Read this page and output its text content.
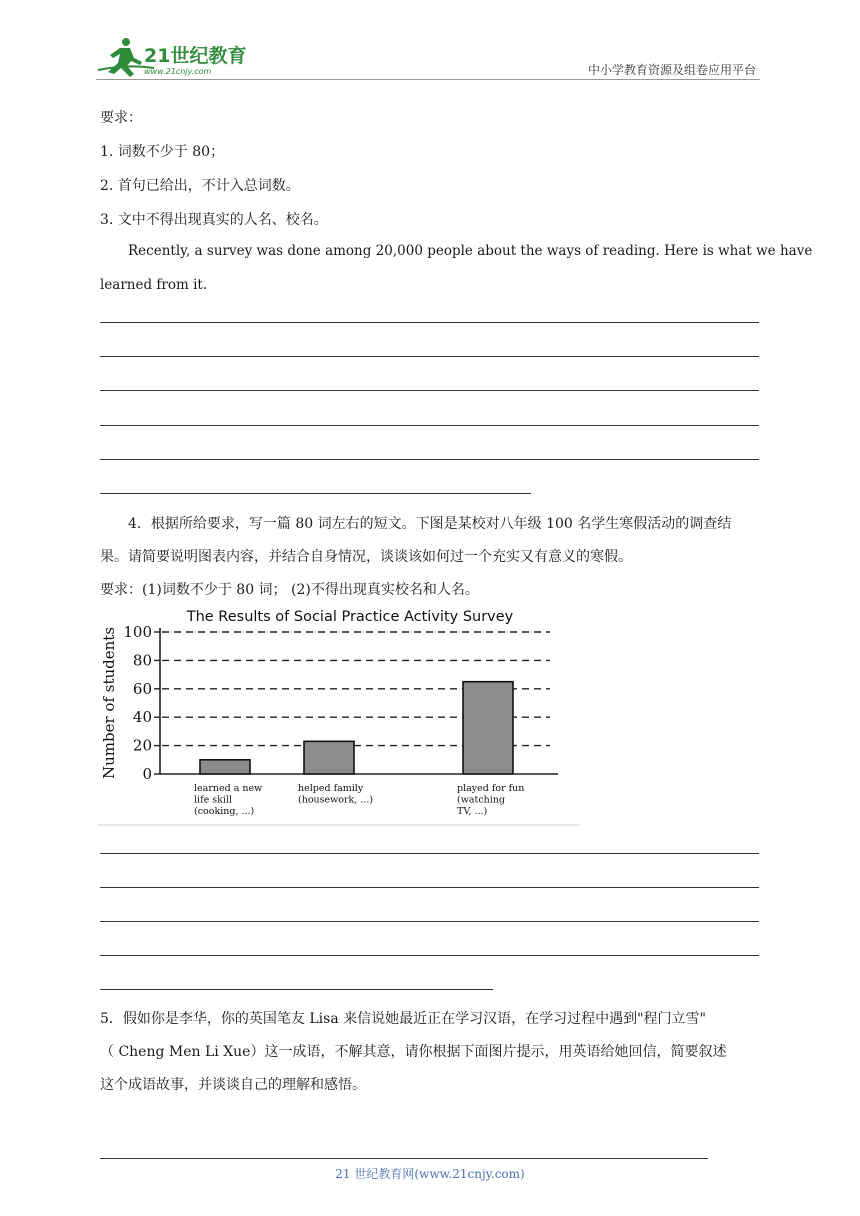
21世纪教育
www.21cnjy.com	中小学教育资源及组卷应用平台
要求：
1. 词数不少于 80；
2. 首句已给出，不计入总词数。
3. 文中不得出现真实的人名、校名。
Recently, a survey was done among 20,000 people about the ways of reading. Here is what we have
learned from it.
4．根据所给要求，写一篇 80 词左右的短文。下图是某校对八年级 100 名学生寒假活动的调查结
果。请简要说明图表内容，并结合自身情况，谈谈该如何过一个充实又有意义的寒假。
要求：(1)词数不少于 80 词； (2)不得出现真实校名和人名。
The Results of Social Practice Activity Survey
Number of students 0
20
40
60
80
100
learned a new
life skill
(cooking, ...)
helped family
(housework, ...)
played for fun
(watching
TV, ...)
5．假如你是李华，你的英国笔友 Lisa 来信说她最近正在学习汉语，在学习过程中遇到"程门立雪"
（ Cheng Men Li Xue）这一成语，不解其意，请你根据下面图片提示，用英语给她回信，简要叙述
这个成语故事，并谈谈自己的理解和感悟。
21 世纪教育网(www.21cnjy.com)
